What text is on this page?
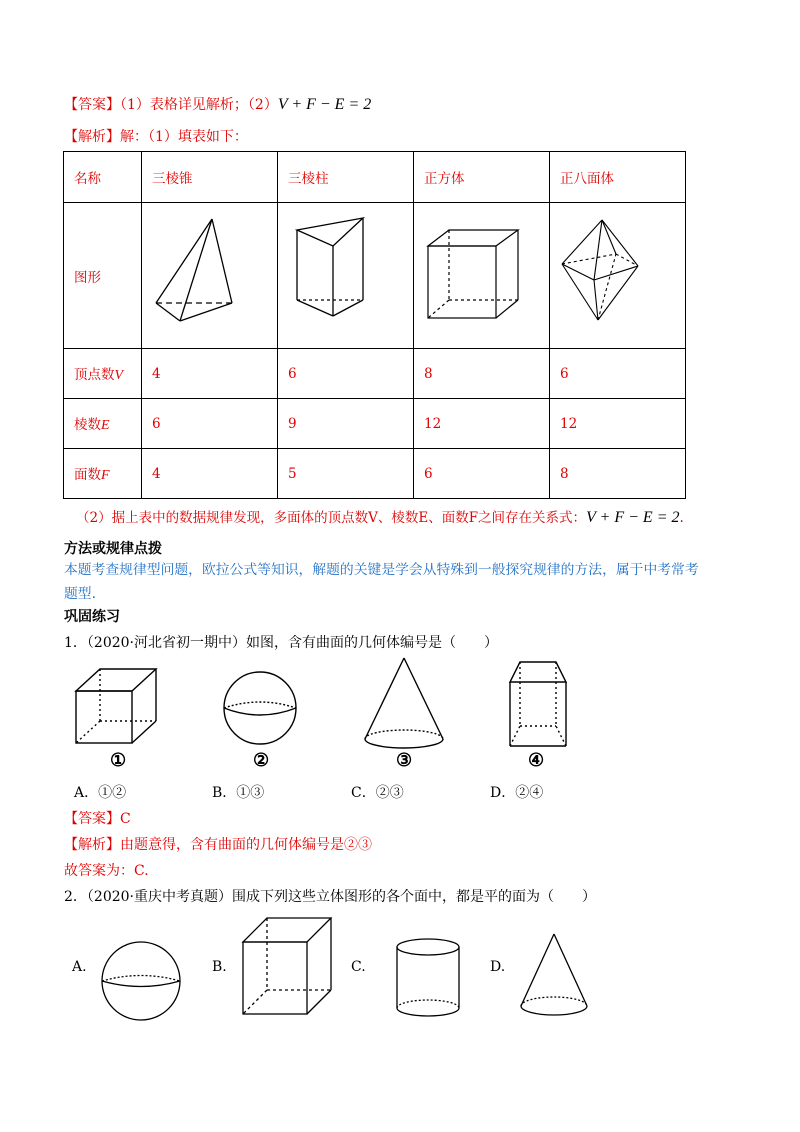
【答案】（1）表格详见解析；（2）V + F − E = 2
【解析】解：（1）填表如下：
名称	三棱锥	三棱柱	正方体	正八面体
图形				
顶点数V	4	6	8	6
棱数E	6	9	12	12
面数F	4	5	6	8
（2）据上表中的数据规律发现，多面体的顶点数V、棱数E、面数F之间存在关系式：V + F − E = 2.
方法或规律点拨
本题考查规律型问题，欧拉公式等知识，解题的关键是学会从特殊到一般探究规律的方法，属于中考常考
题型.
巩固练习
1．（2020·河北省初一期中）如图，含有曲面的几何体编号是（　　）
①	②	③	④
A．①②	B．①③	C．②③	D．②④
【答案】C
【解析】由题意得，含有曲面的几何体编号是②③
故答案为：C.
2．（2020·重庆中考真题）围成下列这些立体图形的各个面中，都是平的面为（　　）
A.	B.	C.	D.
